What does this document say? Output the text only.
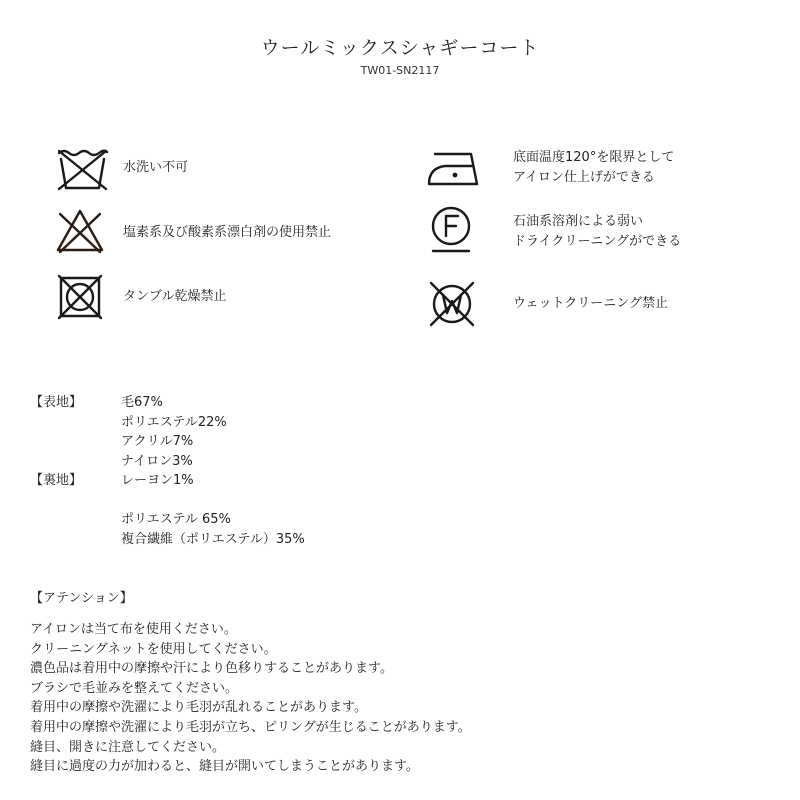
ウールミックスシャギーコート
TW01-SN2117
水洗い不可
塩素系及び酸素系漂白剤の使用禁止
タンブル乾燥禁止
底面温度120°を限界として
アイロン仕上げができる
石油系溶剤による弱い
ドライクリーニングができる
ウェットクリーニング禁止
【表地】
【裏地】
毛67%
ポリエステル22%
アクリル7%
ナイロン3%
レーヨン1%
ポリエステル 65%
複合繊維（ポリエステル）35%
【アテンション】
アイロンは当て布を使用ください。
クリーニングネットを使用してください。
濃色品は着用中の摩擦や汗により色移りすることがあります。
ブラシで毛並みを整えてください。
着用中の摩擦や洗濯により毛羽が乱れることがあります。
着用中の摩擦や洗濯により毛羽が立ち、ピリングが生じることがあります。
縫目、開きに注意してください。
縫目に過度の力が加わると、縫目が開いてしまうことがあります。
